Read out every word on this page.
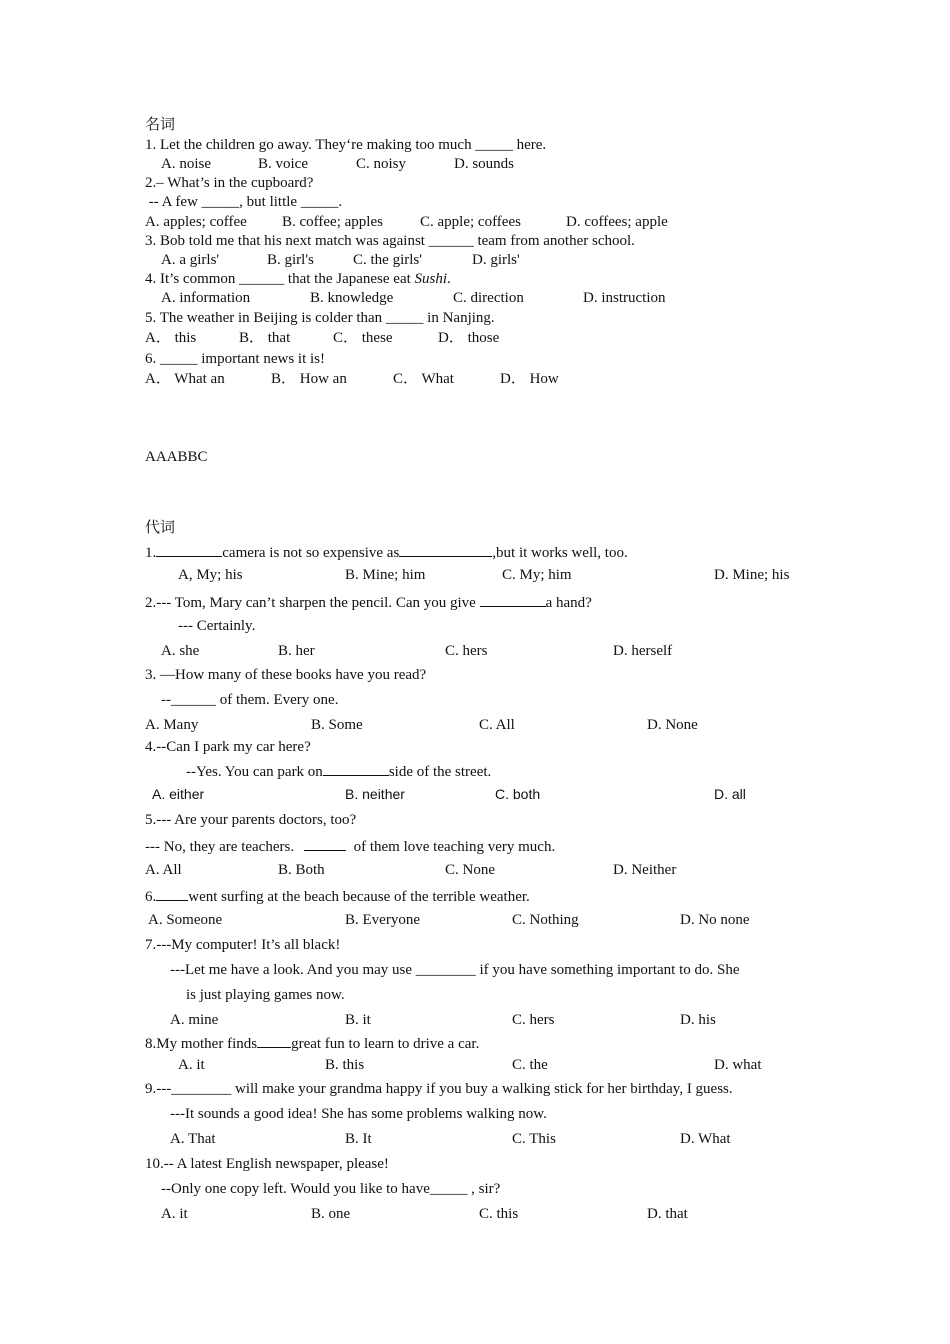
名词
1. Let the children go away. They‘re making too much _____ here.
A. noise	B. voice	C. noisy	D. sounds
2.– What’s in the cupboard?
-- A few _____, but little _____.
A. apples; coffee B. coffee; apples C. apple; coffees	D. coffees; apple
3. Bob told me that his next match was against ______ team from another school.
A. a girls'	B. girl's	C. the girls'	D. girls'
4. It’s common ______ that the Japanese eat Sushi.
A. information	B. knowledge	C. direction	D. instruction
5. The weather in Beijing is colder than _____ in Nanjing.
A． this	B． that	C． these	D． those
6. _____ important news it is!
A． What an	B． How an	C． What	D． How
AAABBC
代词
1.	camera is not so expensive as	,but it works well, too.
A, My; his	B. Mine; him	C. My; him	D. Mine; his
2.--- Tom, Mary can’t sharpen the pencil. Can you give	a hand?
--- Certainly.
A. she	B. her	C. hers	D. herself
3. —How many of these books have you read?
--______ of them. Every one.
A. Many	B. Some	C. All	D. None
4.--Can I park my car here?
--Yes. You can park on	side of the street.
A. either	B. neither	C. both	D. all
5.--- Are your parents doctors, too?
--- No, they are teachers.	of them love teaching very much.
A. All	B. Both	C. None	D. Neither
6. went surfing at the beach because of the terrible weather.
A. Someone	B. Everyone	C. Nothing	D. No none
7.---My computer! It’s all black!
---Let me have a look. And you may use ________ if you have something important to do. She
is just playing games now.
A. mine	B. it	C. hers	D. his
8.My mother finds great fun to learn to drive a car.
A. it	B. this	C. the	D. what
9.---________ will make your grandma happy if you buy a walking stick for her birthday, I guess.
---It sounds a good idea! She has some problems walking now.
A. That	B. It	C. This	D. What
10.-- A latest English newspaper, please!
--Only one copy left. Would you like to have_____ , sir?
A. it	B. one	C. this	D. that
